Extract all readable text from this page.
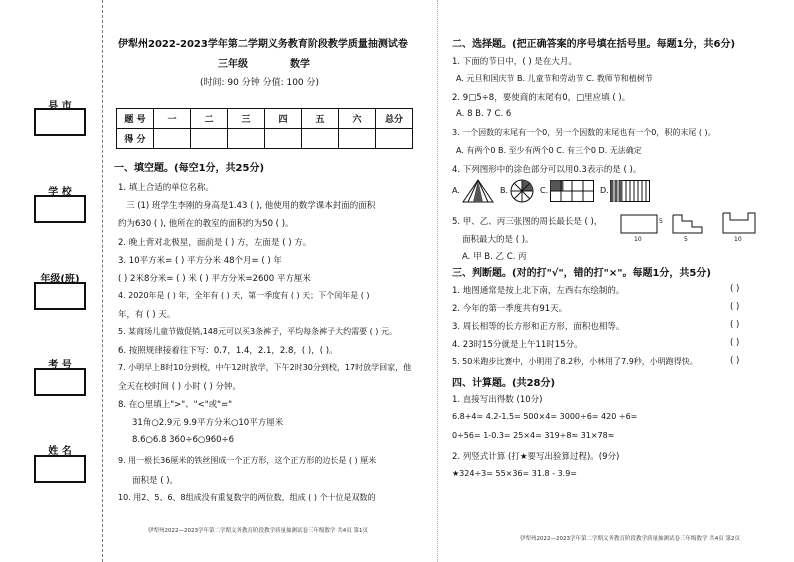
县 市
学 校
年级(班)
考 号
姓 名
伊犁州2022-2023学年第二学期义务教育阶段教学质量抽测试卷
三年级	数学
(时间: 90 分钟 分值: 100 分)
题 号	一	二	三	四	五	六	总分
得 分							
一、填空题。(每空1分，共25分)
1. 填上合适的单位名称。
三 (1) 班学生李刚的身高是1.43 ( ), 他使用的数学课本封面的面积
约为630 ( ), 他所在的教室的面积约为50 ( )。
2. 晚上背对北极星，面前是 ( ) 方，左面是 ( ) 方。
3. 10平方米= ( ) 平方分米 48个月= ( ) 年
( ) 2米8分米= ( ) 米 ( ) 平方分米=2600 平方厘米
4. 2020年是 ( ) 年，全年有 ( ) 天，第一季度有 ( ) 天；下个闰年是 ( )
年，有 ( ) 天。
5. 某商场儿童节做促销,148元可以买3条裤子，平均每条裤子大约需要 ( ) 元。
6. 按照规律接着往下写：0.7，1.4，2.1，2.8，( )，( )。
7. 小明早上8时10分到校，中午12时放学，下午2时30分到校，17时放学回家，他
全天在校时间 ( ) 小时 ( ) 分钟。
8. 在○里填上">"、"<"或"="
31角○2.9元 9.9平方分米○10平方厘米
8.6○6.8 360÷6○960÷6
9. 用一根长36厘米的铁丝围成一个正方形，这个正方形的边长是 ( ) 厘米
面积是 ( )。
10. 用2、5、6、8组成没有重复数字的两位数，组成 ( ) 个十位是双数的
伊犁州2022—2023学年第二学期义务教育阶段教学质量抽测试卷三年级数学 共4页 第1页
二、选择题。(把正确答案的序号填在括号里。每题1分，共6分)
1. 下面的节日中，( ) 是在大月。
A. 元旦和国庆节 B. 儿童节和劳动节 C. 教师节和植树节
2. 9□5÷8，要使商的末尾有0，□里应填 ( )。
A. 8 B. 7 C. 6
3. 一个因数的末尾有一个0，另一个因数的末尾也有一个0，积的末尾 ( )。
A. 有两个0 B. 至少有两个0 C. 有三个0 D. 无法确定
4. 下列图形中的涂色部分可以用0.3表示的是 ( )。
A.	B.	C.	D.
5. 甲、乙、丙三张图的周长最长是 ( )，
面积最大的是 ( )。
A. 甲 B. 乙 C. 丙
10
5
5	10
三、判断题。(对的打"√"，错的打"×"。每题1分，共5分)
1. 地图通常是按上北下南，左西右东绘制的。	( )
2. 今年的第一季度共有91天。	( )
3. 周长相等的长方形和正方形，面积也相等。	( )
4. 23时15分就是上午11时15分。	( )
5. 50米跑步比赛中，小明用了8.2秒，小林用了7.9秒，小明跑得快。	( )
四、计算题。(共28分)
1. 直接写出得数 (10分)
6.8+4= 4.2-1.5= 500×4= 3000÷6= 420 ÷6=
0÷56= 1-0.3= 25×4= 319÷8≈ 31×78≈
2. 列竖式计算 (打★要写出验算过程)。(9分)
★324÷3= 55×36= 31.8 - 3.9=
伊犁州2022—2023学年第二学期义务教育阶段教学质量抽测试卷三年级数学 共4页 第2页
